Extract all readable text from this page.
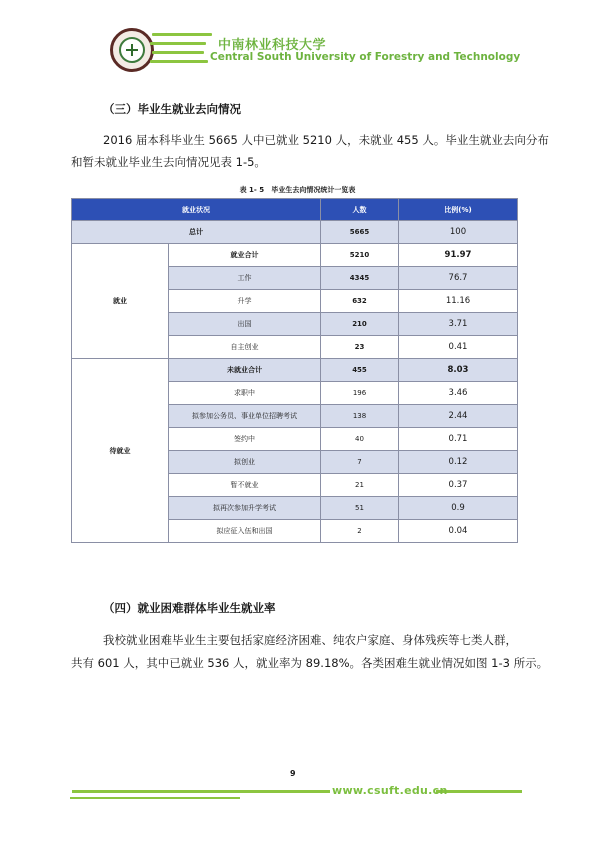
中南林业科技大学
Central South University of Forestry and Technology
（三）毕业生就业去向情况
2016 届本科毕业生 5665 人中已就业 5210 人，未就业 455 人。毕业生就业去向分布
和暂未就业毕业生去向情况见表 1-5。
表 1- 5   毕业生去向情况统计一览表
就业状况		人数	比例(%)
总计		5665	100
就业	就业合计	5210	91.97
	工作	4345	76.7
	升学	632	11.16
	出国	210	3.71
	自主创业	23	0.41
待就业	未就业合计	455	8.03
	求职中	196	3.46
	拟参加公务员、事业单位招聘考试	138	2.44
	签约中	40	0.71
	拟创业	7	0.12
	暂不就业	21	0.37
	拟再次参加升学考试	51	0.9
	拟应征入伍和出国	2	0.04
（四）就业困难群体毕业生就业率
我校就业困难毕业生主要包括家庭经济困难、纯农户家庭、身体残疾等七类人群，
共有 601 人，其中已就业 536 人，就业率为 89.18%。各类困难生就业情况如图 1-3 所示。
9
www.csuft.edu.cn
